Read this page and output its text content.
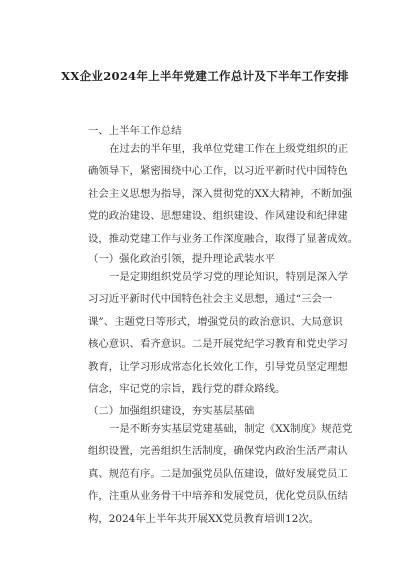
XX企业2024年上半年党建工作总计及下半年工作安排
一、上半年工作总结
在过去的半年里，我单位党建工作在上级党组织的正
确领导下，紧密围绕中心工作，以习近平新时代中国特色
社会主义思想为指导，深入贯彻党的XX大精神，不断加强
党的政治建设、思想建设、组织建设、作风建设和纪律建
设，推动党建工作与业务工作深度融合，取得了显著成效。
（一）强化政治引领，提升理论武装水平
一是定期组织党员学习党的理论知识，特别是深入学
习习近平新时代中国特色社会主义思想，通过“三会一
课”、主题党日等形式，增强党员的政治意识、大局意识
核心意识、看齐意识。二是开展党纪学习教育和党史学习
教育，让学习形成常态化长效化工作，引导党员坚定理想
信念，牢记党的宗旨，践行党的群众路线。
（二）加强组织建设，夯实基层基础
一是不断夯实基层党建基础，制定《XX制度》规范党
组织设置，完善组织生活制度，确保党内政治生活严肃认
真、规范有序。二是加强党员队伍建设，做好发展党员工
作，注重从业务骨干中培养和发展党员，优化党员队伍结
构，2024年上半年共开展XX党员教育培训12次。
